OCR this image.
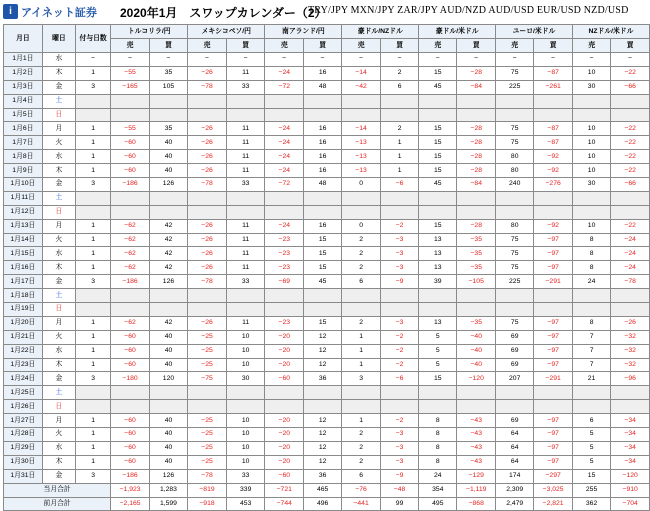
i アイネット証券 2020年1月　スワップカレンダー（2）
TRY/JPY MXN/JPY ZAR/JPY AUD/NZD AUD/USD EUR/USD NZD/USD
月日	曜日	付与日数	トルコリラ/円		メキシコペソ/円		南アランド/円		豪ドル/NZドル		豪ドル/米ドル		ユーロ/米ドル		NZドル/米ドル	
			売	買	売	買	売	買	売	買	売	買	売	買	売	買
1月1日	水	−	−	−	−	−	−	−	−	−	−	−	−	−	−	−
1月2日	木	1	−55	35	−26	11	−24	16	−14	2	15	−28	75	−87	10	−22
1月3日	金	3	−165	105	−78	33	−72	48	−42	6	45	−84	225	−261	30	−66
1月4日	土															
1月5日	日															
1月6日	月	1	−55	35	−26	11	−24	16	−14	2	15	−28	75	−87	10	−22
1月7日	火	1	−60	40	−26	11	−24	16	−13	1	15	−28	75	−87	10	−22
1月8日	水	1	−60	40	−26	11	−24	16	−13	1	15	−28	80	−92	10	−22
1月9日	木	1	−60	40	−26	11	−24	16	−13	1	15	−28	80	−92	10	−22
1月10日	金	3	−186	126	−78	33	−72	48	0	−6	45	−84	240	−276	30	−66
1月11日	土															
1月12日	日															
1月13日	月	1	−62	42	−26	11	−24	16	0	−2	15	−28	80	−92	10	−22
1月14日	火	1	−62	42	−26	11	−23	15	2	−3	13	−35	75	−97	8	−24
1月15日	水	1	−62	42	−26	11	−23	15	2	−3	13	−35	75	−97	8	−24
1月16日	木	1	−62	42	−26	11	−23	15	2	−3	13	−35	75	−97	8	−24
1月17日	金	3	−186	126	−78	33	−69	45	6	−9	39	−105	225	−291	24	−78
1月18日	土															
1月19日	日															
1月20日	月	1	−62	42	−26	11	−23	15	2	−3	13	−35	75	−97	8	−26
1月21日	火	1	−60	40	−25	10	−20	12	1	−2	5	−40	69	−97	7	−32
1月22日	水	1	−60	40	−25	10	−20	12	1	−2	5	−40	69	−97	7	−32
1月23日	木	1	−60	40	−25	10	−20	12	1	−2	5	−40	69	−97	7	−32
1月24日	金	3	−180	120	−75	30	−60	36	3	−6	15	−120	207	−291	21	−96
1月25日	土															
1月26日	日															
1月27日	月	1	−60	40	−25	10	−20	12	1	−2	8	−43	69	−97	6	−34
1月28日	火	1	−60	40	−25	10	−20	12	2	−3	8	−43	64	−97	5	−34
1月29日	水	1	−60	40	−25	10	−20	12	2	−3	8	−43	64	−97	5	−34
1月30日	木	1	−60	40	−25	10	−20	12	2	−3	8	−43	64	−97	5	−34
1月31日	金	3	−186	126	−78	33	−60	36	6	−9	24	−129	174	−297	15	−120
当月合計			−1,923	1,283	−819	339	−721	465	−76	−48	354	−1,119	2,309	−3,025	255	−910
前月合計			−2,165	1,599	−918	453	−744	496	−441	99	495	−868	2,479	−2,821	362	−704
